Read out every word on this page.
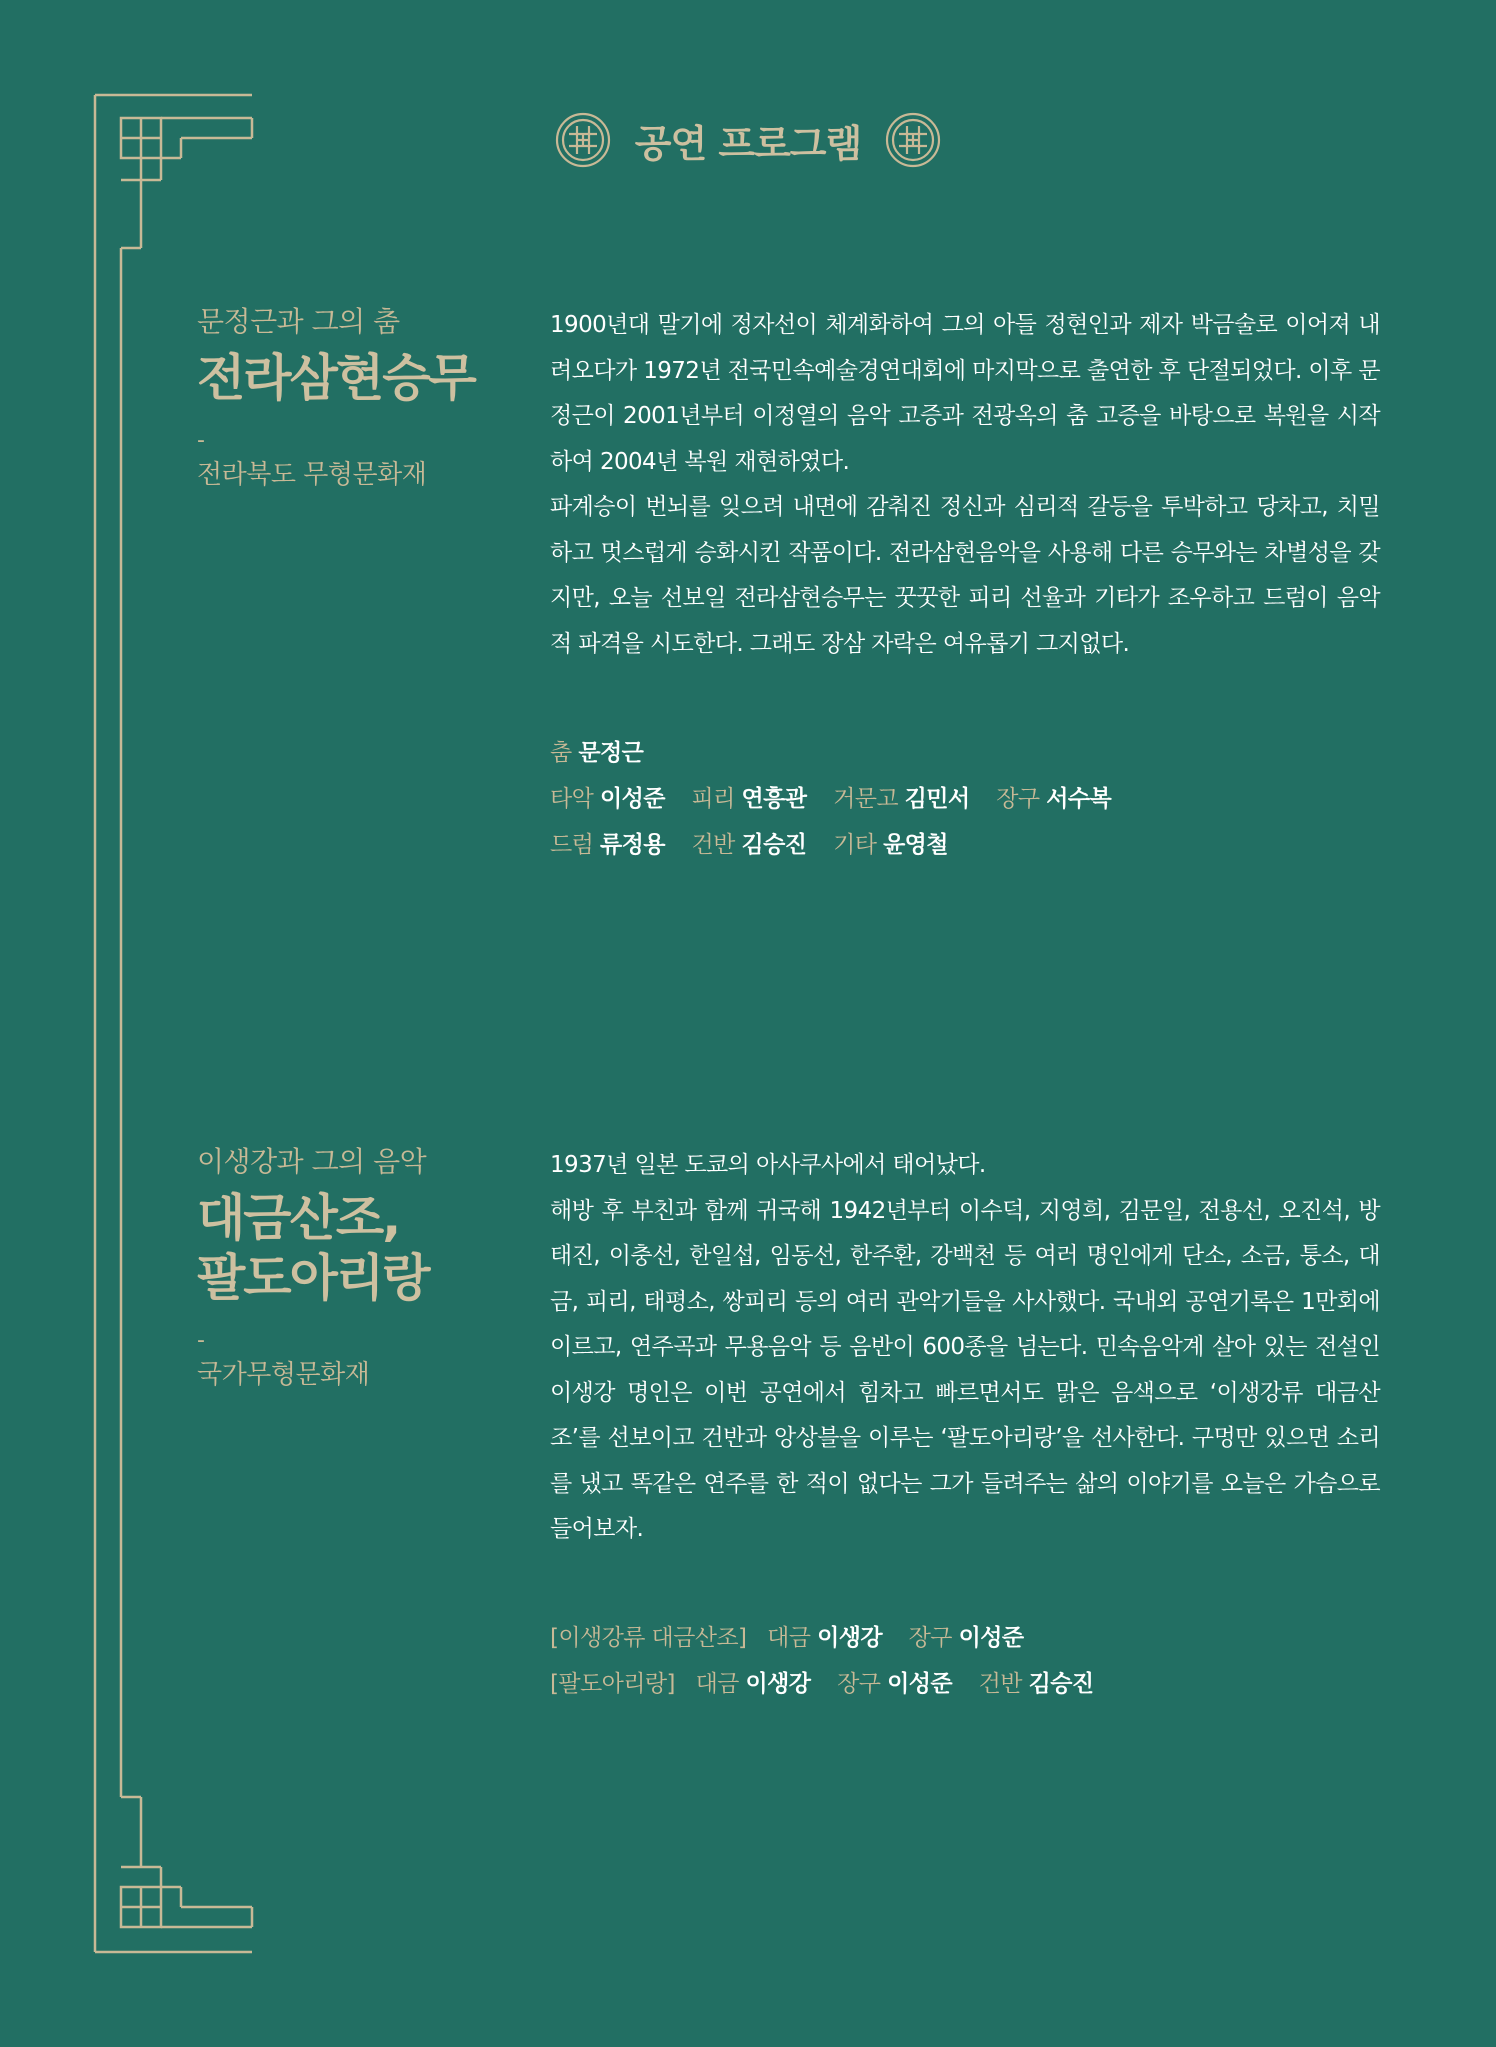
공연 프로그램
문정근과 그의 춤
전라삼현승무
-
전라북도 무형문화재

1900년대 말기에 정자선이 체계화하여 그의 아들 정현인과 제자 박금술로 이어져 내려오다가 1972년 전국민속예술경연대회에 마지막으로 출연한 후 단절되었다. 이후 문정근이 2001년부터 이정열의 음악 고증과 전광옥의 춤 고증을 바탕으로 복원을 시작하여 2004년 복원 재현하였다.

파계승이 번뇌를 잊으려 내면에 감춰진 정신과 심리적 갈등을 투박하고 당차고, 치밀하고 멋스럽게 승화시킨 작품이다. 전라삼현음악을 사용해 다른 승무와는 차별성을 갖지만, 오늘 선보일 전라삼현승무는 꿋꿋한 피리 선율과 기타가 조우하고 드럼이 음악적 파격을 시도한다. 그래도 장삼 자락은 여유롭기 그지없다.

춤 문정근
타악 이성준 피리 연흥관 거문고 김민서 장구 서수복
드럼 류정용 건반 김승진 기타 윤영철
이생강과 그의 음악
대금산조,
팔도아리랑
-
국가무형문화재

1937년 일본 도쿄의 아사쿠사에서 태어났다.

해방 후 부친과 함께 귀국해 1942년부터 이수덕, 지영희, 김문일, 전용선, 오진석, 방태진, 이충선, 한일섭, 임동선, 한주환, 강백천 등 여러 명인에게 단소, 소금, 퉁소, 대금, 피리, 태평소, 쌍피리 등의 여러 관악기들을 사사했다. 국내외 공연기록은 1만회에 이르고, 연주곡과 무용음악 등 음반이 600종을 넘는다. 민속음악계 살아 있는 전설인 이생강 명인은 이번 공연에서 힘차고 빠르면서도 맑은 음색으로 ‘이생강류 대금산조’를 선보이고 건반과 앙상블을 이루는 ‘팔도아리랑’을 선사한다. 구멍만 있으면 소리를 냈고 똑같은 연주를 한 적이 없다는 그가 들려주는 삶의 이야기를 오늘은 가슴으로 들어보자.

[이생강류 대금산조] 대금 이생강 장구 이성준
[팔도아리랑] 대금 이생강 장구 이성준 건반 김승진
